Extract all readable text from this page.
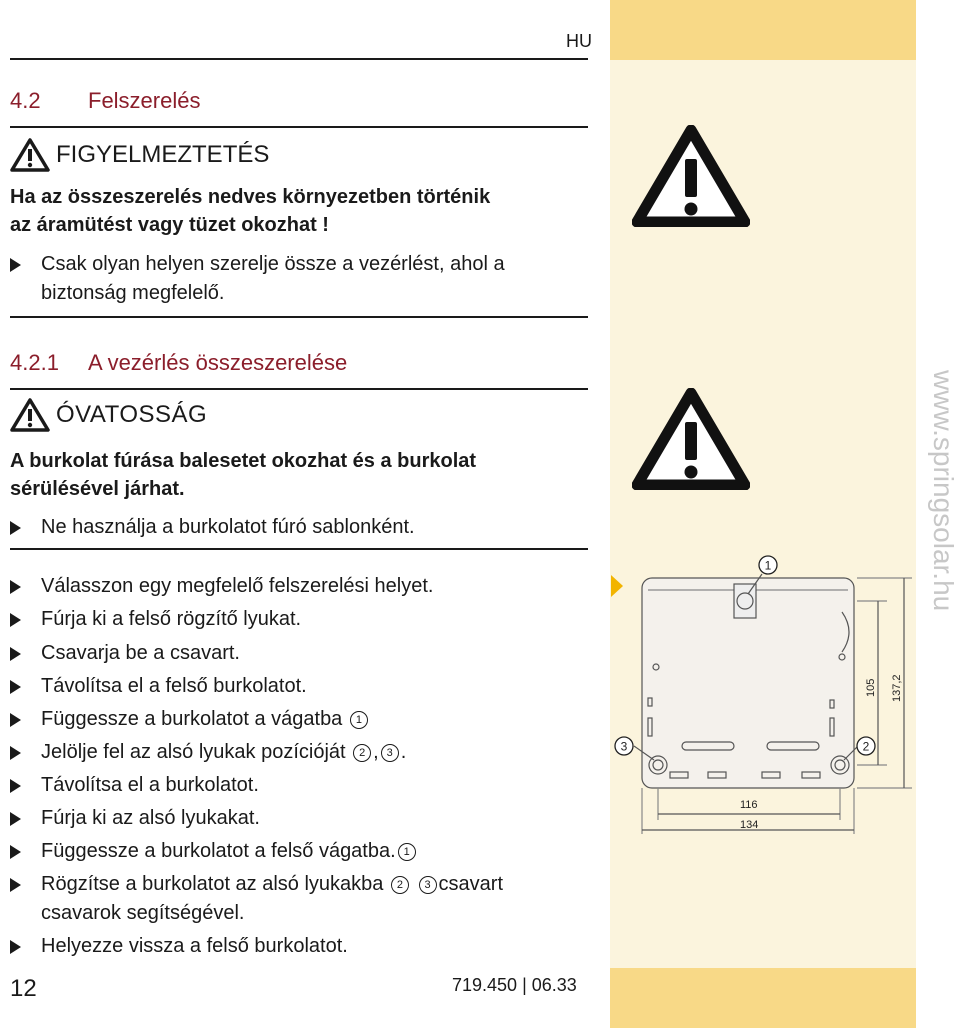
HU
4.2 Felszerelés
FIGYELMEZTETÉS
Ha az összeszerelés nedves környezetben történik
az áramütést vagy tüzet okozhat !
Csak olyan helyen szerelje össze a vezérlést, ahol a
biztonság megfelelő.
4.2.1 A vezérlés összeszerelése
ÓVATOSSÁG
A burkolat fúrása balesetet okozhat és a burkolat
sérülésével járhat.
Ne használja a burkolatot fúró sablonként.
Válasszon egy megfelelő felszerelési helyet.
Fúrja ki a felső rögzítő lyukat.
Csavarja be a csavart.
Távolítsa el a felső burkolatot.
Függessze a burkolatot a vágatba 1
Jelölje fel az alsó lyukak pozícióját 2 , 3 .
Távolítsa el a burkolatot.
Fúrja ki az alsó lyukakat.
Függessze a burkolatot a felső vágatba. 1
Rögzítse a burkolatot az alsó lyukakba 2 3 csavart
csavarok segítségével.
Helyezze vissza a felső burkolatot.
12	719.450 | 06.33
1
3	2
105 137,2
116
134
www.springsolar.hu
